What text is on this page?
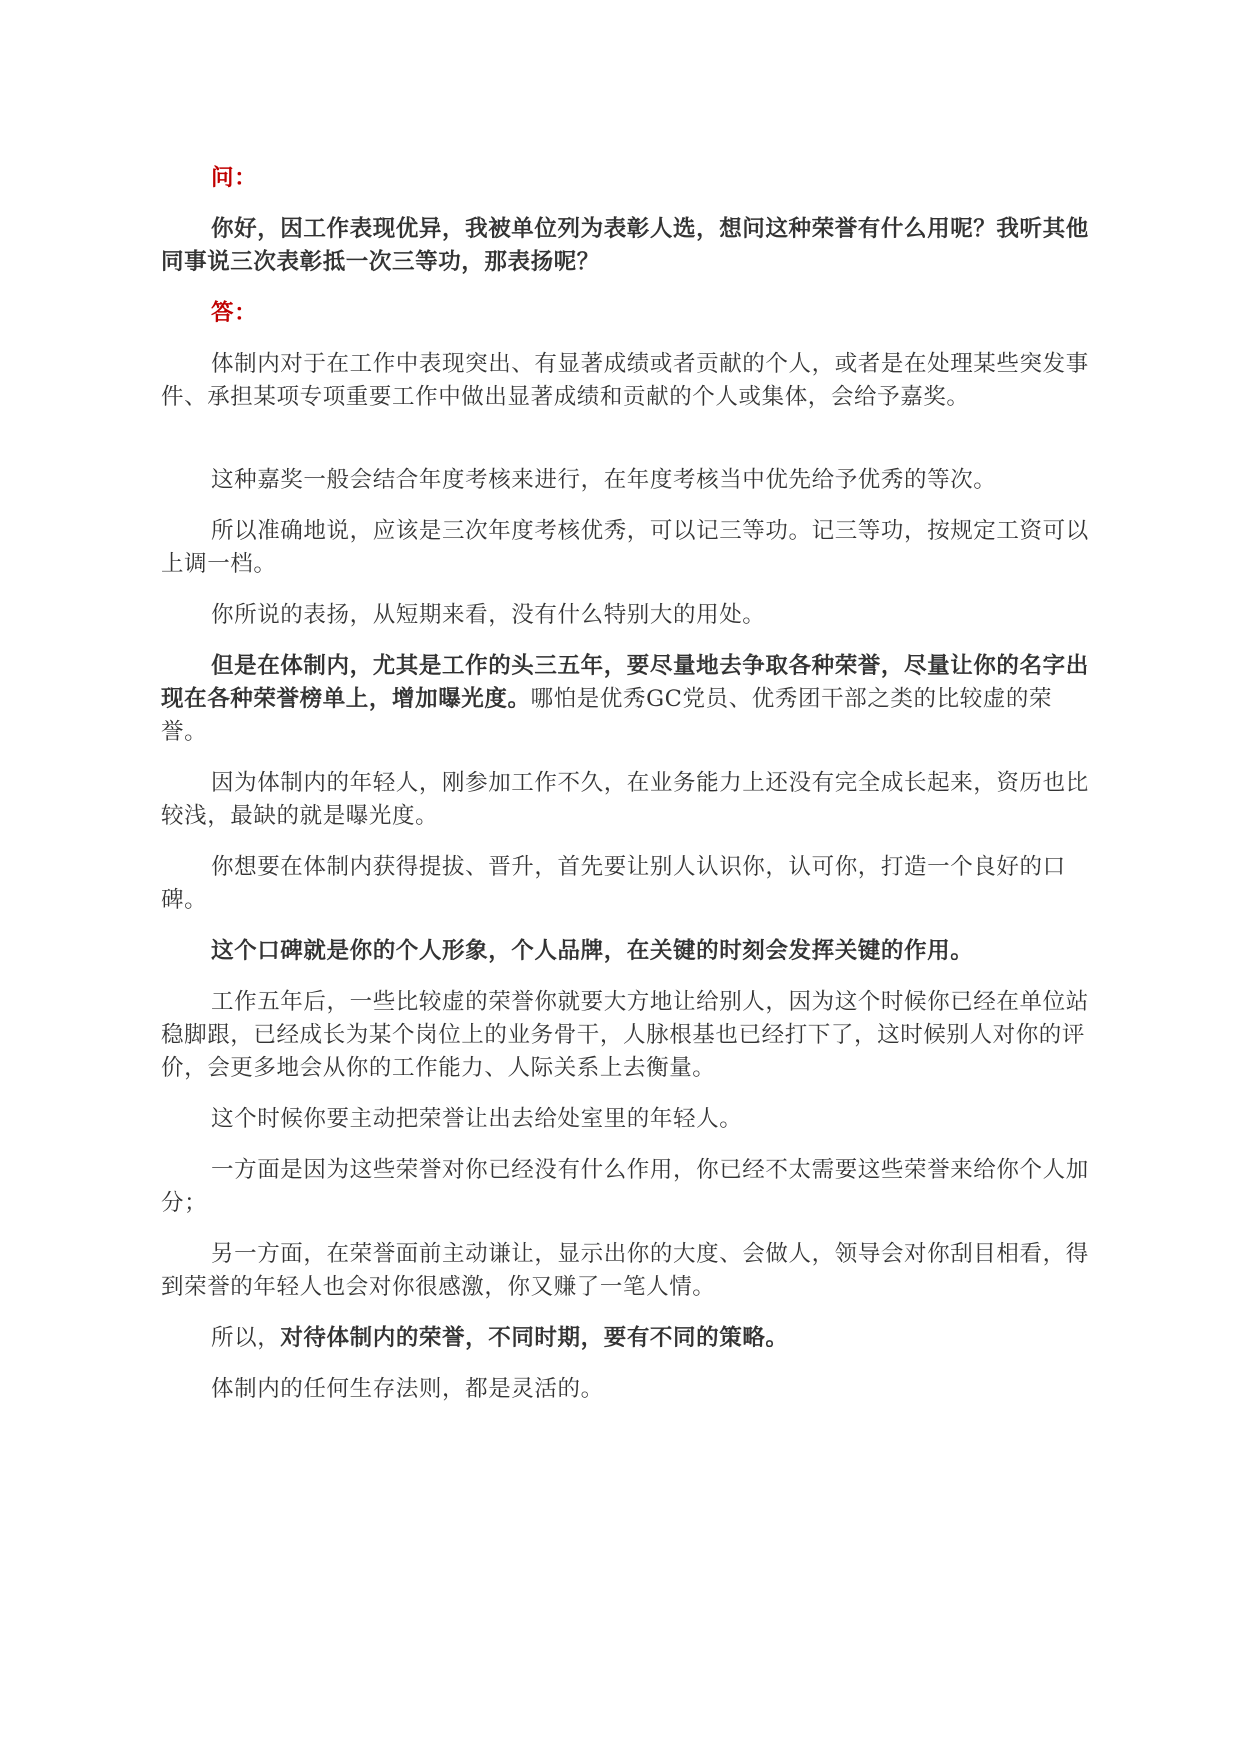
问：

你好，因工作表现优异，我被单位列为表彰人选，想问这种荣誉有什么用呢？我听其他同事说三次表彰抵一次三等功，那表扬呢？

答：

体制内对于在工作中表现突出、有显著成绩或者贡献的个人，或者是在处理某些突发事件、承担某项专项重要工作中做出显著成绩和贡献的个人或集体，会给予嘉奖。

这种嘉奖一般会结合年度考核来进行，在年度考核当中优先给予优秀的等次。

所以准确地说，应该是三次年度考核优秀，可以记三等功。记三等功，按规定工资可以上调一档。

你所说的表扬，从短期来看，没有什么特别大的用处。

但是在体制内，尤其是工作的头三五年，要尽量地去争取各种荣誉，尽量让你的名字出现在各种荣誉榜单上，增加曝光度。哪怕是优秀GC党员、优秀团干部之类的比较虚的荣誉。

因为体制内的年轻人，刚参加工作不久，在业务能力上还没有完全成长起来，资历也比较浅，最缺的就是曝光度。

你想要在体制内获得提拔、晋升，首先要让别人认识你，认可你，打造一个良好的口碑。

这个口碑就是你的个人形象，个人品牌，在关键的时刻会发挥关键的作用。

工作五年后，一些比较虚的荣誉你就要大方地让给别人，因为这个时候你已经在单位站稳脚跟，已经成长为某个岗位上的业务骨干，人脉根基也已经打下了，这时候别人对你的评价，会更多地会从你的工作能力、人际关系上去衡量。

这个时候你要主动把荣誉让出去给处室里的年轻人。

一方面是因为这些荣誉对你已经没有什么作用，你已经不太需要这些荣誉来给你个人加分；

另一方面，在荣誉面前主动谦让，显示出你的大度、会做人，领导会对你刮目相看，得到荣誉的年轻人也会对你很感激，你又赚了一笔人情。

所以，对待体制内的荣誉，不同时期，要有不同的策略。

体制内的任何生存法则，都是灵活的。
